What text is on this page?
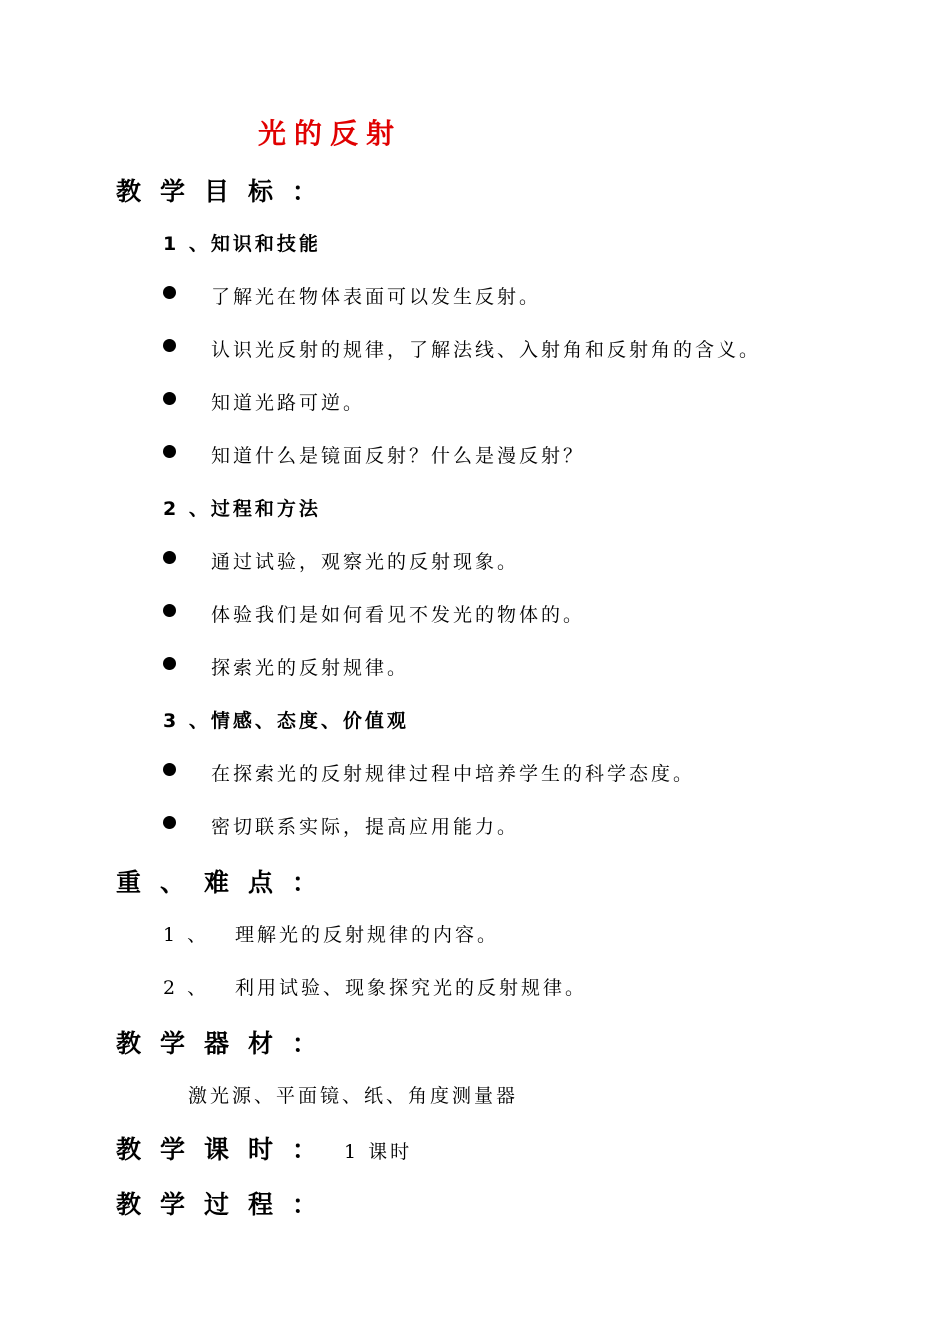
光的反射
教学目标：
1 、知识和技能
了解光在物体表面可以发生反射。
认识光反射的规律，了解法线、入射角和反射角的含义。
知道光路可逆。
知道什么是镜面反射？什么是漫反射？
2 、过程和方法
通过试验，观察光的反射现象。
体验我们是如何看见不发光的物体的。
探索光的反射规律。
3 、情感、态度、价值观
在探索光的反射规律过程中培养学生的科学态度。
密切联系实际，提高应用能力。
重、难点：
1 、 理解光的反射规律的内容。
2 、 利用试验、现象探究光的反射规律。
教学器材：
激光源、平面镜、纸、角度测量器
教学课时： 1 课时
教学过程：
